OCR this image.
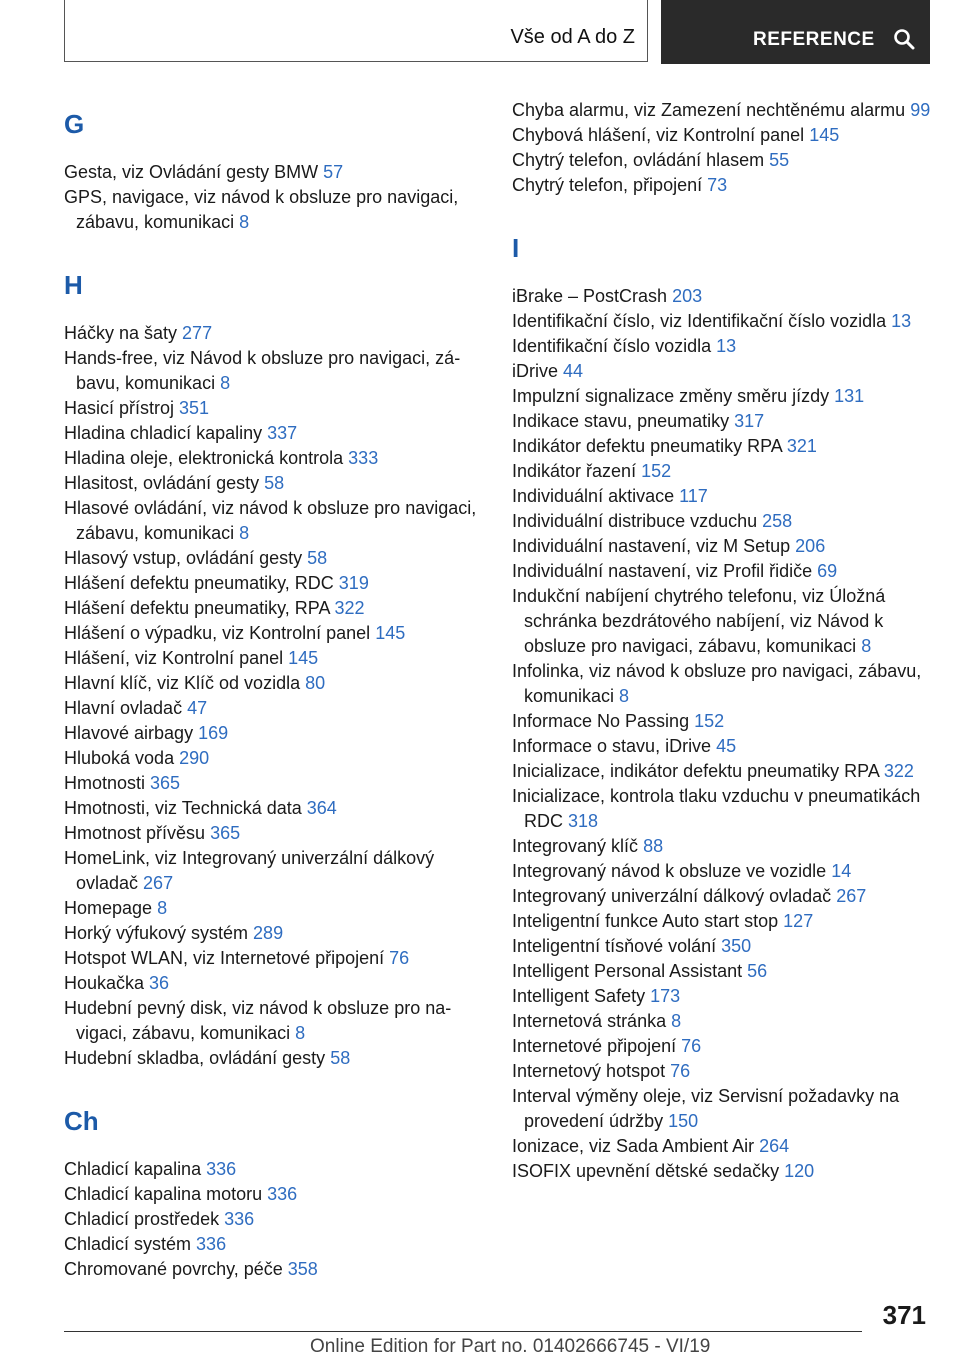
Vše od A do Z	REFERENCE
G
Gesta, viz Ovládání gesty BMW 57
GPS, navigace, viz návod k obsluze pro navigaci, zábavu, komunikaci 8
H
Háčky na šaty 277
Hands-free, viz Návod k obsluze pro navigaci, zábavu, komunikaci 8
Hasicí přístroj 351
Hladina chladicí kapaliny 337
Hladina oleje, elektronická kontrola 333
Hlasitost, ovládání gesty 58
Hlasové ovládání, viz návod k obsluze pro navigaci, zábavu, komunikaci 8
Hlasový vstup, ovládání gesty 58
Hlášení defektu pneumatiky, RDC 319
Hlášení defektu pneumatiky, RPA 322
Hlášení o výpadku, viz Kontrolní panel 145
Hlášení, viz Kontrolní panel 145
Hlavní klíč, viz Klíč od vozidla 80
Hlavní ovladač 47
Hlavové airbagy 169
Hluboká voda 290
Hmotnosti 365
Hmotnosti, viz Technická data 364
Hmotnost přívěsu 365
HomeLink, viz Integrovaný univerzální dálkový ovladač 267
Homepage 8
Horký výfukový systém 289
Hotspot WLAN, viz Internetové připojení 76
Houkačka 36
Hudební pevný disk, viz návod k obsluze pro navigaci, zábavu, komunikaci 8
Hudební skladba, ovládání gesty 58
Ch
Chladicí kapalina 336
Chladicí kapalina motoru 336
Chladicí prostředek 336
Chladicí systém 336
Chromované povrchy, péče 358
Chyba alarmu, viz Zamezení nechtěnému alarmu 99
Chybová hlášení, viz Kontrolní panel 145
Chytrý telefon, ovládání hlasem 55
Chytrý telefon, připojení 73
I
iBrake – PostCrash 203
Identifikační číslo, viz Identifikační číslo vozidla 13
Identifikační číslo vozidla 13
iDrive 44
Impulzní signalizace změny směru jízdy 131
Indikace stavu, pneumatiky 317
Indikátor defektu pneumatiky RPA 321
Indikátor řazení 152
Individuální aktivace 117
Individuální distribuce vzduchu 258
Individuální nastavení, viz M Setup 206
Individuální nastavení, viz Profil řidiče 69
Indukční nabíjení chytrého telefonu, viz Úložná schránka bezdrátového nabíjení, viz Návod k obsluze pro navigaci, zábavu, komunikaci 8
Infolinka, viz návod k obsluze pro navigaci, zábavu, komunikaci 8
Informace No Passing 152
Informace o stavu, iDrive 45
Inicializace, indikátor defektu pneumatiky RPA 322
Inicializace, kontrola tlaku vzduchu v pneumatikách RDC 318
Integrovaný klíč 88
Integrovaný návod k obsluze ve vozidle 14
Integrovaný univerzální dálkový ovladač 267
Inteligentní funkce Auto start stop 127
Inteligentní tísňové volání 350
Intelligent Personal Assistant 56
Intelligent Safety 173
Internetová stránka 8
Internetové připojení 76
Internetový hotspot 76
Interval výměny oleje, viz Servisní požadavky na provedení údržby 150
Ionizace, viz Sada Ambient Air 264
ISOFIX upevnění dětské sedačky 120
371
Online Edition for Part no. 01402666745 - VI/19
